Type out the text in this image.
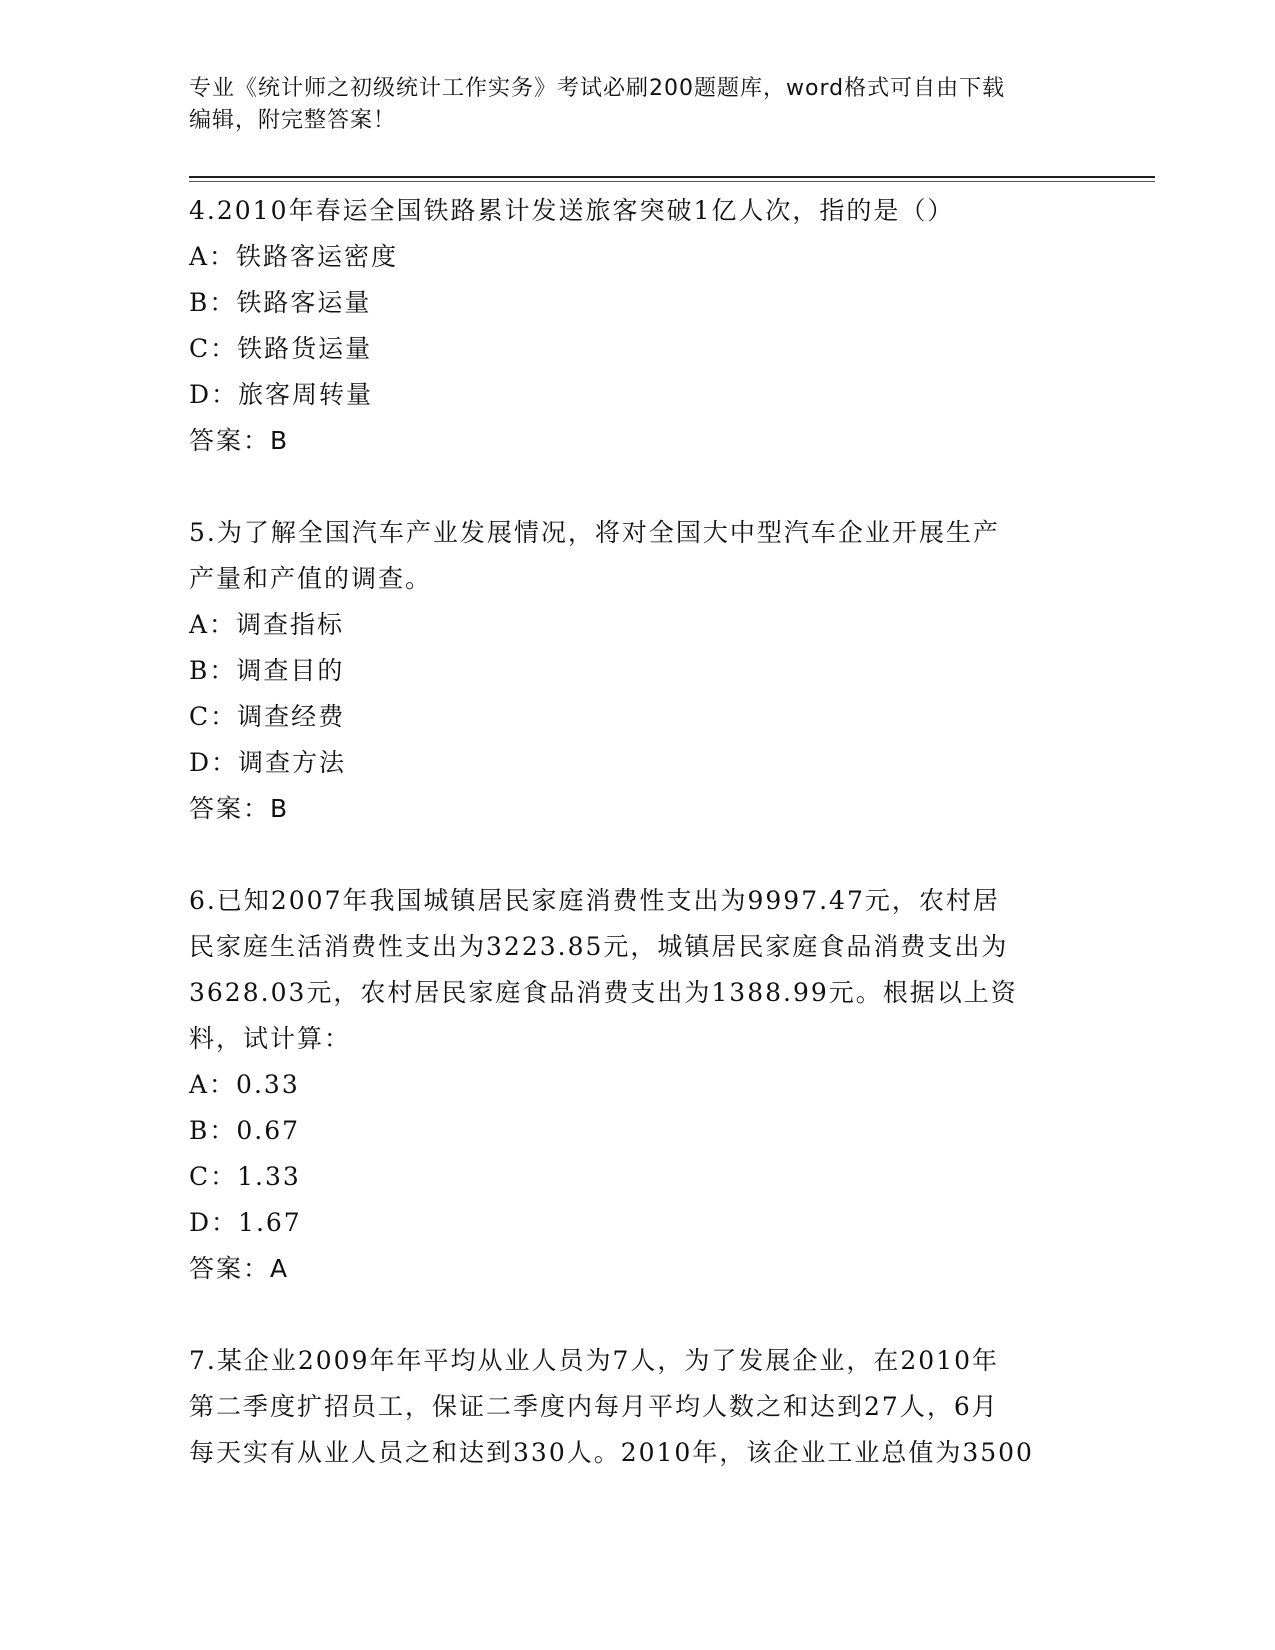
专业《统计师之初级统计工作实务》考试必刷200题题库，word格式可自由下载
编辑，附完整答案！
4.2010年春运全国铁路累计发送旅客突破1亿人次，指的是（）
A：铁路客运密度
B：铁路客运量
C：铁路货运量
D：旅客周转量
答案：B
5.为了解全国汽车产业发展情况，将对全国大中型汽车企业开展生产
产量和产值的调查。
A：调查指标
B：调查目的
C：调查经费
D：调查方法
答案：B
6.已知2007年我国城镇居民家庭消费性支出为9997.47元，农村居
民家庭生活消费性支出为3223.85元，城镇居民家庭食品消费支出为
3628.03元，农村居民家庭食品消费支出为1388.99元。根据以上资
料，试计算：
A：0.33
B：0.67
C：1.33
D：1.67
答案：A
7.某企业2009年年平均从业人员为7人，为了发展企业，在2010年
第二季度扩招员工，保证二季度内每月平均人数之和达到27人，6月
每天实有从业人员之和达到330人。2010年，该企业工业总值为3500
